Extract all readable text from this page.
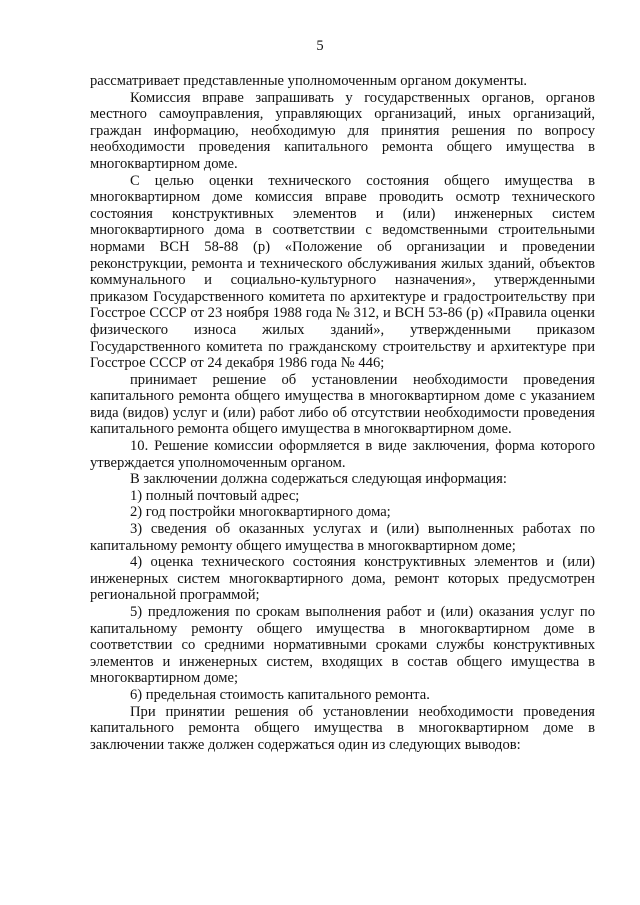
5

рассматривает представленные уполномоченным органом документы.

Комиссия вправе запрашивать у государственных органов, органов местного самоуправления, управляющих организаций, иных организаций, граждан информацию, необходимую для принятия решения по вопросу необходимости проведения капитального ремонта общего имущества в многоквартирном доме.

С целью оценки технического состояния общего имущества в многоквартирном доме комиссия вправе проводить осмотр технического состояния конструктивных элементов и (или) инженерных систем многоквартирного дома в соответствии с ведомственными строительными нормами ВСН 58-88 (р) «Положение об организации и проведении реконструкции, ремонта и технического обслуживания жилых зданий, объектов коммунального и социально-культурного назначения», утвержденными приказом Государственного комитета по архитектуре и градостроительству при Госстрое СССР от 23 ноября 1988 года № 312, и ВСН 53-86 (р) «Правила оценки физического износа жилых зданий», утвержденными приказом Государственного комитета по гражданскому строительству и архитектуре при Госстрое СССР от 24 декабря 1986 года № 446;

принимает решение об установлении необходимости проведения капитального ремонта общего имущества в многоквартирном доме с указанием вида (видов) услуг и (или) работ либо об отсутствии необходимости проведения капитального ремонта общего имущества в многоквартирном доме.

10. Решение комиссии оформляется в виде заключения, форма которого утверждается уполномоченным органом.

В заключении должна содержаться следующая информация:

1) полный почтовый адрес;

2) год постройки многоквартирного дома;

3) сведения об оказанных услугах и (или) выполненных работах по капитальному ремонту общего имущества в многоквартирном доме;

4) оценка технического состояния конструктивных элементов и (или) инженерных систем многоквартирного дома, ремонт которых предусмотрен региональной программой;

5) предложения по срокам выполнения работ и (или) оказания услуг по капитальному ремонту общего имущества в многоквартирном доме в соответствии со средними нормативными сроками службы конструктивных элементов и инженерных систем, входящих в состав общего имущества в многоквартирном доме;

6) предельная стоимость капитального ремонта.

При принятии решения об установлении необходимости проведения капитального ремонта общего имущества в многоквартирном доме в заключении также должен содержаться один из следующих выводов:
